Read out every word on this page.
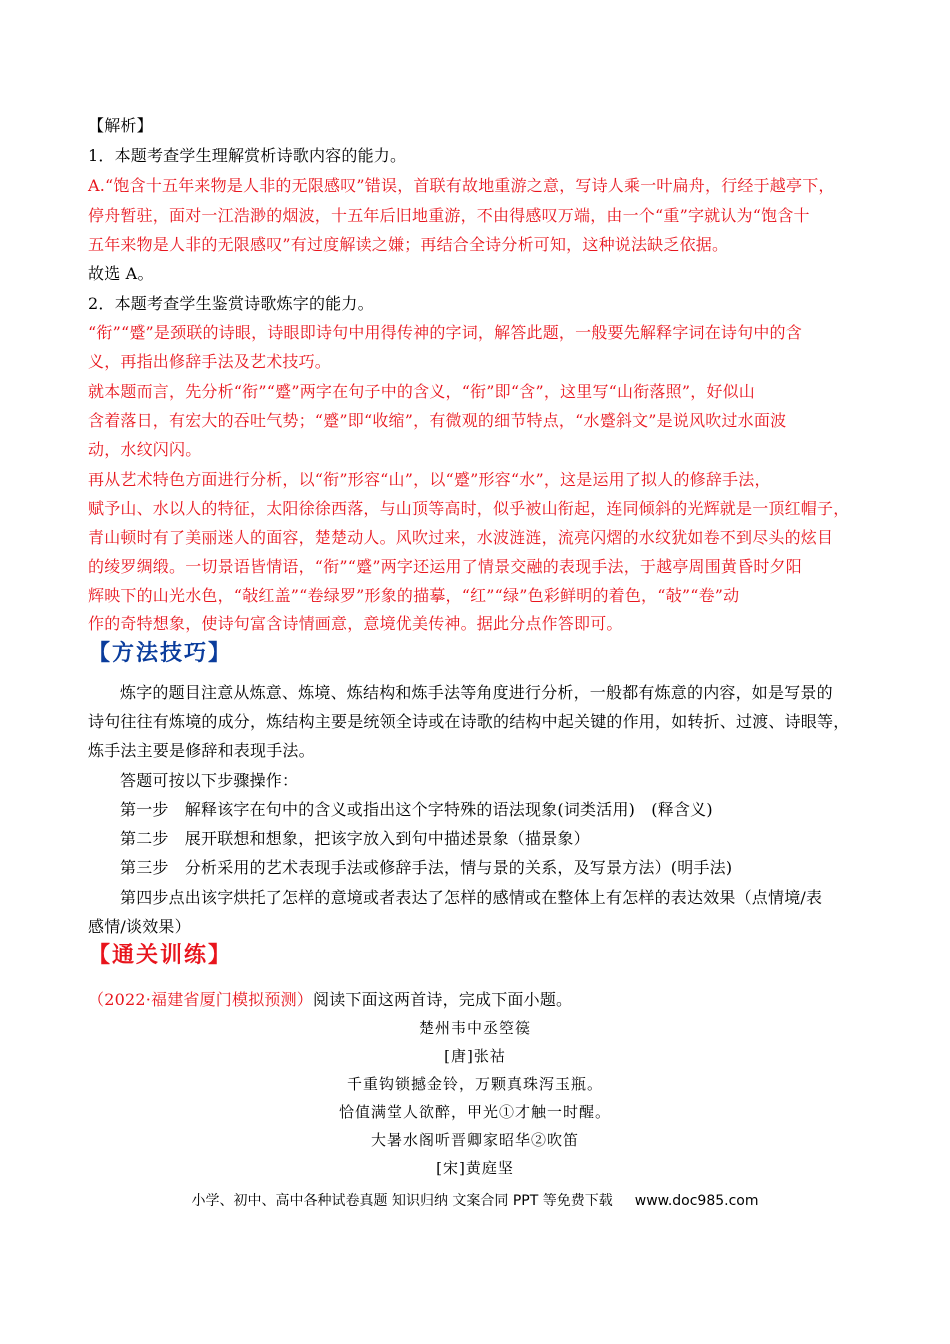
【解析】
1．本题考查学生理解赏析诗歌内容的能力。
A.“饱含十五年来物是人非的无限感叹”错误，首联有故地重游之意，写诗人乘一叶扁舟，行经于越亭下，
停舟暂驻，面对一江浩渺的烟波，十五年后旧地重游，不由得感叹万端，由一个“重”字就认为“饱含十
五年来物是人非的无限感叹”有过度解读之嫌；再结合全诗分析可知，这种说法缺乏依据。
故选 A。
2．本题考查学生鉴赏诗歌炼字的能力。
“衔”“蹙”是颈联的诗眼，诗眼即诗句中用得传神的字词，解答此题，一般要先解释字词在诗句中的含
义，再指出修辞手法及艺术技巧。
就本题而言，先分析“衔”“蹙”两字在句子中的含义，“衔”即“含”，这里写“山衔落照”，好似山
含着落日，有宏大的吞吐气势；“蹙”即“收缩”，有微观的细节特点，“水蹙斜文”是说风吹过水面波
动，水纹闪闪。
再从艺术特色方面进行分析，以“衔”形容“山”，以“蹙”形容“水”，这是运用了拟人的修辞手法，
赋予山、水以人的特征，太阳徐徐西落，与山顶等高时，似乎被山衔起，连同倾斜的光辉就是一顶红帽子，
青山顿时有了美丽迷人的面容，楚楚动人。风吹过来，水波涟涟，流亮闪熠的水纹犹如卷不到尽头的炫目
的绫罗绸缎。一切景语皆情语，“衔”“蹙”两字还运用了情景交融的表现手法，于越亭周围黄昏时夕阳
辉映下的山光水色，“敧红盖”“卷绿罗”形象的描摹，“红”“绿”色彩鲜明的着色，“敧”“卷”动
作的奇特想象，使诗句富含诗情画意，意境优美传神。据此分点作答即可。
【方法技巧】
炼字的题目注意从炼意、炼境、炼结构和炼手法等角度进行分析，一般都有炼意的内容，如是写景的
诗句往往有炼境的成分，炼结构主要是统领全诗或在诗歌的结构中起关键的作用，如转折、过渡、诗眼等，
炼手法主要是修辞和表现手法。
答题可按以下步骤操作：
第一步　解释该字在句中的含义或指出这个字特殊的语法现象(词类活用)　(释含义)
第二步　展开联想和想象，把该字放入到句中描述景象（描景象）
第三步　分析采用的艺术表现手法或修辞手法，情与景的关系，及写景方法）(明手法)
第四步点出该字烘托了怎样的意境或者表达了怎样的感情或在整体上有怎样的表达效果（点情境/表
感情/谈效果）
【通关训练】
（2022·福建省厦门模拟预测）阅读下面这两首诗，完成下面小题。
楚州韦中丞箜篌
[唐]张祜
千重钩锁撼金铃，万颗真珠泻玉瓶。
恰值满堂人欲醉，甲光①才触一时醒。
大暑水阁听晋卿家昭华②吹笛
[宋]黄庭坚
小学、初中、高中各种试卷真题 知识归纳 文案合同 PPT 等免费下载 www.doc985.com
